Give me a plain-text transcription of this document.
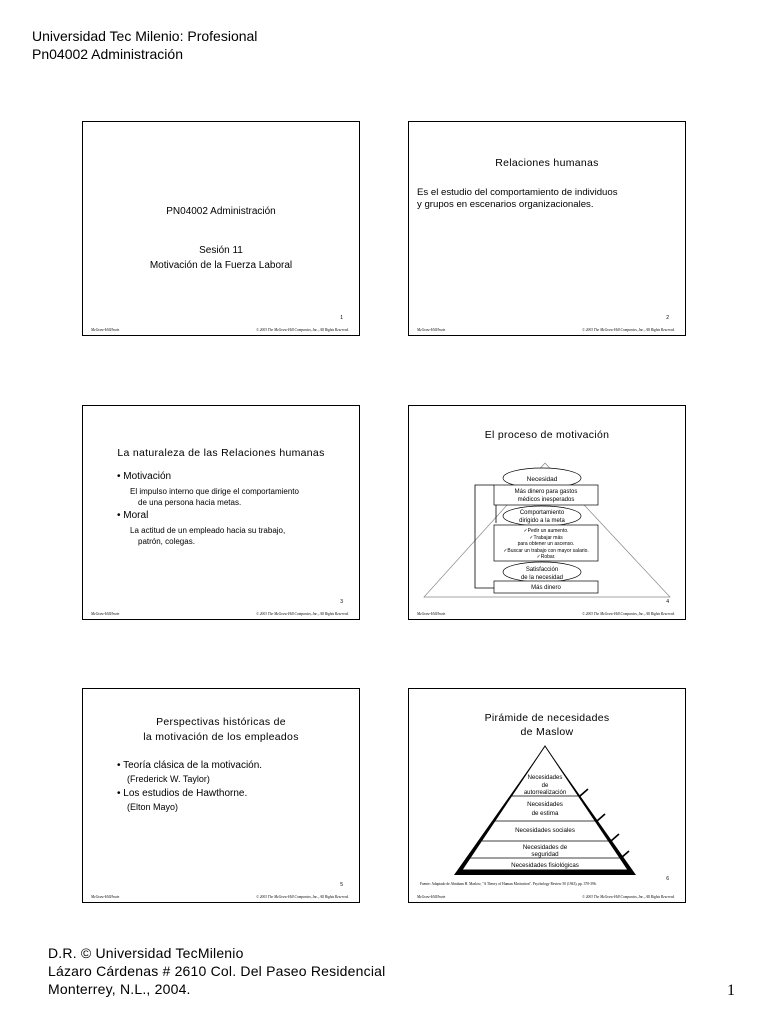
Universidad Tec Milenio: Profesional
Pn04002 Administración
PN04002 Administración
Sesión 11
Motivación de la Fuerza Laboral
1
McGraw-Hill/Irwin	© 2003 The McGraw-Hill Companies, Inc., All Rights Reserved.
Relaciones humanas
Es el estudio del comportamiento de individuos
y grupos en escenarios organizacionales.
2
McGraw-Hill/Irwin	© 2003 The McGraw-Hill Companies, Inc., All Rights Reserved.
La naturaleza de las Relaciones humanas
• Motivación
El impulso interno que dirige el comportamiento
de una persona hacia metas.
• Moral
La actitud de un empleado hacia su trabajo,
patrón, colegas.
3
McGraw-Hill/Irwin	© 2003 The McGraw-Hill Companies, Inc., All Rights Reserved.
El proceso de motivación
Necesidad
Más dinero para gastos
médicos inesperados
Comportamiento
dirigido a la meta
✓Pedir un aumento.
✓Trabajar más
para obtener un ascenso.
✓Buscar un trabajo con mayor salario.
✓Robar.
Satisfacción
de la necesidad
Más dinero
4
McGraw-Hill/Irwin	© 2003 The McGraw-Hill Companies, Inc., All Rights Reserved.
Perspectivas históricas de
la motivación de los empleados
• Teoría clásica de la motivación.
(Frederick W. Taylor)
• Los estudios de Hawthorne.
(Elton Mayo)
5
McGraw-Hill/Irwin	© 2003 The McGraw-Hill Companies, Inc., All Rights Reserved.
Pirámide de necesidades
de Maslow
Necesidades
de
autorrealización
Necesidades
de estima
Necesidades sociales
Necesidades de
seguridad
Necesidades fisiológicas
Fuente: Adaptado de Abraham H. Maslow, "A Theory of Human Motivation". Psychology Review 50 (1943), pp. 370-396.
6
McGraw-Hill/Irwin	© 2003 The McGraw-Hill Companies, Inc., All Rights Reserved.
D.R. © Universidad TecMilenio
Lázaro Cárdenas # 2610 Col. Del Paseo Residencial
Monterrey, N.L., 2004.	1
